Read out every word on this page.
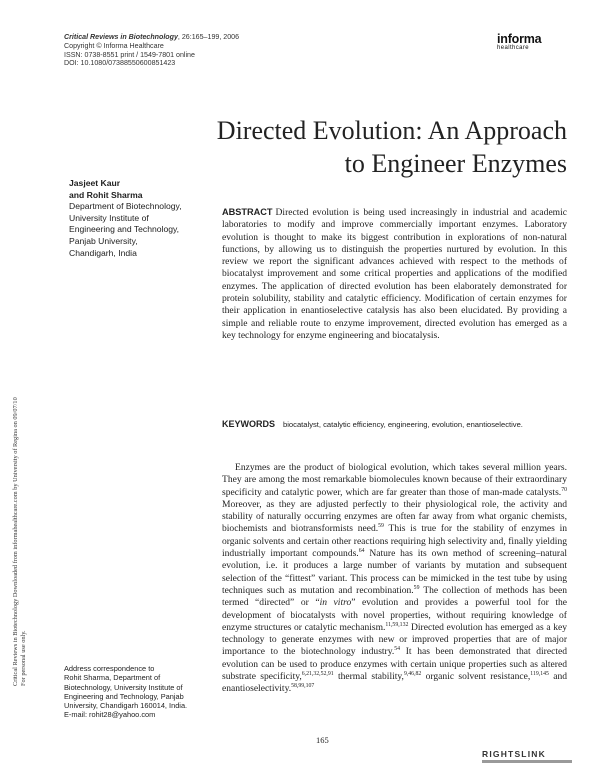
Critical Reviews in Biotechnology, 26:165–199, 2006
Copyright © Informa Healthcare
ISSN: 0738-8551 print / 1549-7801 online
DOI: 10.1080/07388550600851423
informa
healthcare
Directed Evolution: An Approach
to Engineer Enzymes
Jasjeet Kaur
and Rohit Sharma
Department of Biotechnology,
University Institute of
Engineering and Technology,
Panjab University,
Chandigarh, India
ABSTRACT Directed evolution is being used increasingly in industrial and academic laboratories to modify and improve commercially important enzymes. Laboratory evolution is thought to make its biggest contribution in explorations of non-natural functions, by allowing us to distinguish the properties nurtured by evolution. In this review we report the significant advances achieved with respect to the methods of biocatalyst improvement and some critical properties and applications of the modified enzymes. The application of directed evolution has been elaborately demonstrated for protein solubility, stability and catalytic efficiency. Modification of certain enzymes for their application in enantioselective catalysis has also been elucidated. By providing a simple and reliable route to enzyme improvement, directed evolution has emerged as a key technology for enzyme engineering and biocatalysis.
KEYWORDS biocatalyst, catalytic efficiency, engineering, evolution, enantioselective.
Enzymes are the product of biological evolution, which takes several million years. They are among the most remarkable biomolecules known because of their extraordinary specificity and catalytic power, which are far greater than those of man-made catalysts.$^{70}$ Moreover, as they are adjusted perfectly to their physiological role, the activity and stability of naturally occurring enzymes are often far away from what organic chemists, biochemists and biotransformists need.$^{59}$ This is true for the stability of enzymes in organic solvents and certain other reactions requiring high selectivity and, finally yielding industrially important compounds.$^{64}$ Nature has its own method of screening–natural evolution, i.e. it produces a large number of variants by mutation and subsequent selection of the “fittest” variant. This process can be mimicked in the test tube by using techniques such as mutation and recombination.$^{59}$ The collection of methods has been termed “directed” or “in vitro” evolution and provides a powerful tool for the development of biocatalysts with novel properties, without requiring knowledge of enzyme structures or catalytic mechanism.$^{11,59,132}$ Directed evolution has emerged as a key technology to generate enzymes with new or improved properties that are of major importance to the biotechnology industry.$^{54}$ It has been demonstrated that directed evolution can be used to produce enzymes with certain unique properties such as altered substrate specificity,$^{6,21,32,52,91}$ thermal stability,$^{9,46,82}$ organic solvent resistance,$^{119,145}$ and enantioselectivity.$^{58,99,107}$
Address correspondence to
Rohit Sharma, Department of
Biotechnology, University Institute of
Engineering and Technology, Panjab
University, Chandigarh 160014, India.
E-mail: rohit28@yahoo.com
165
Critical Reviews in Biotechnology Downloaded from informahealthcare.com by University of Regina on 09/07/10 For personal use only.
RIGHTSLINK
